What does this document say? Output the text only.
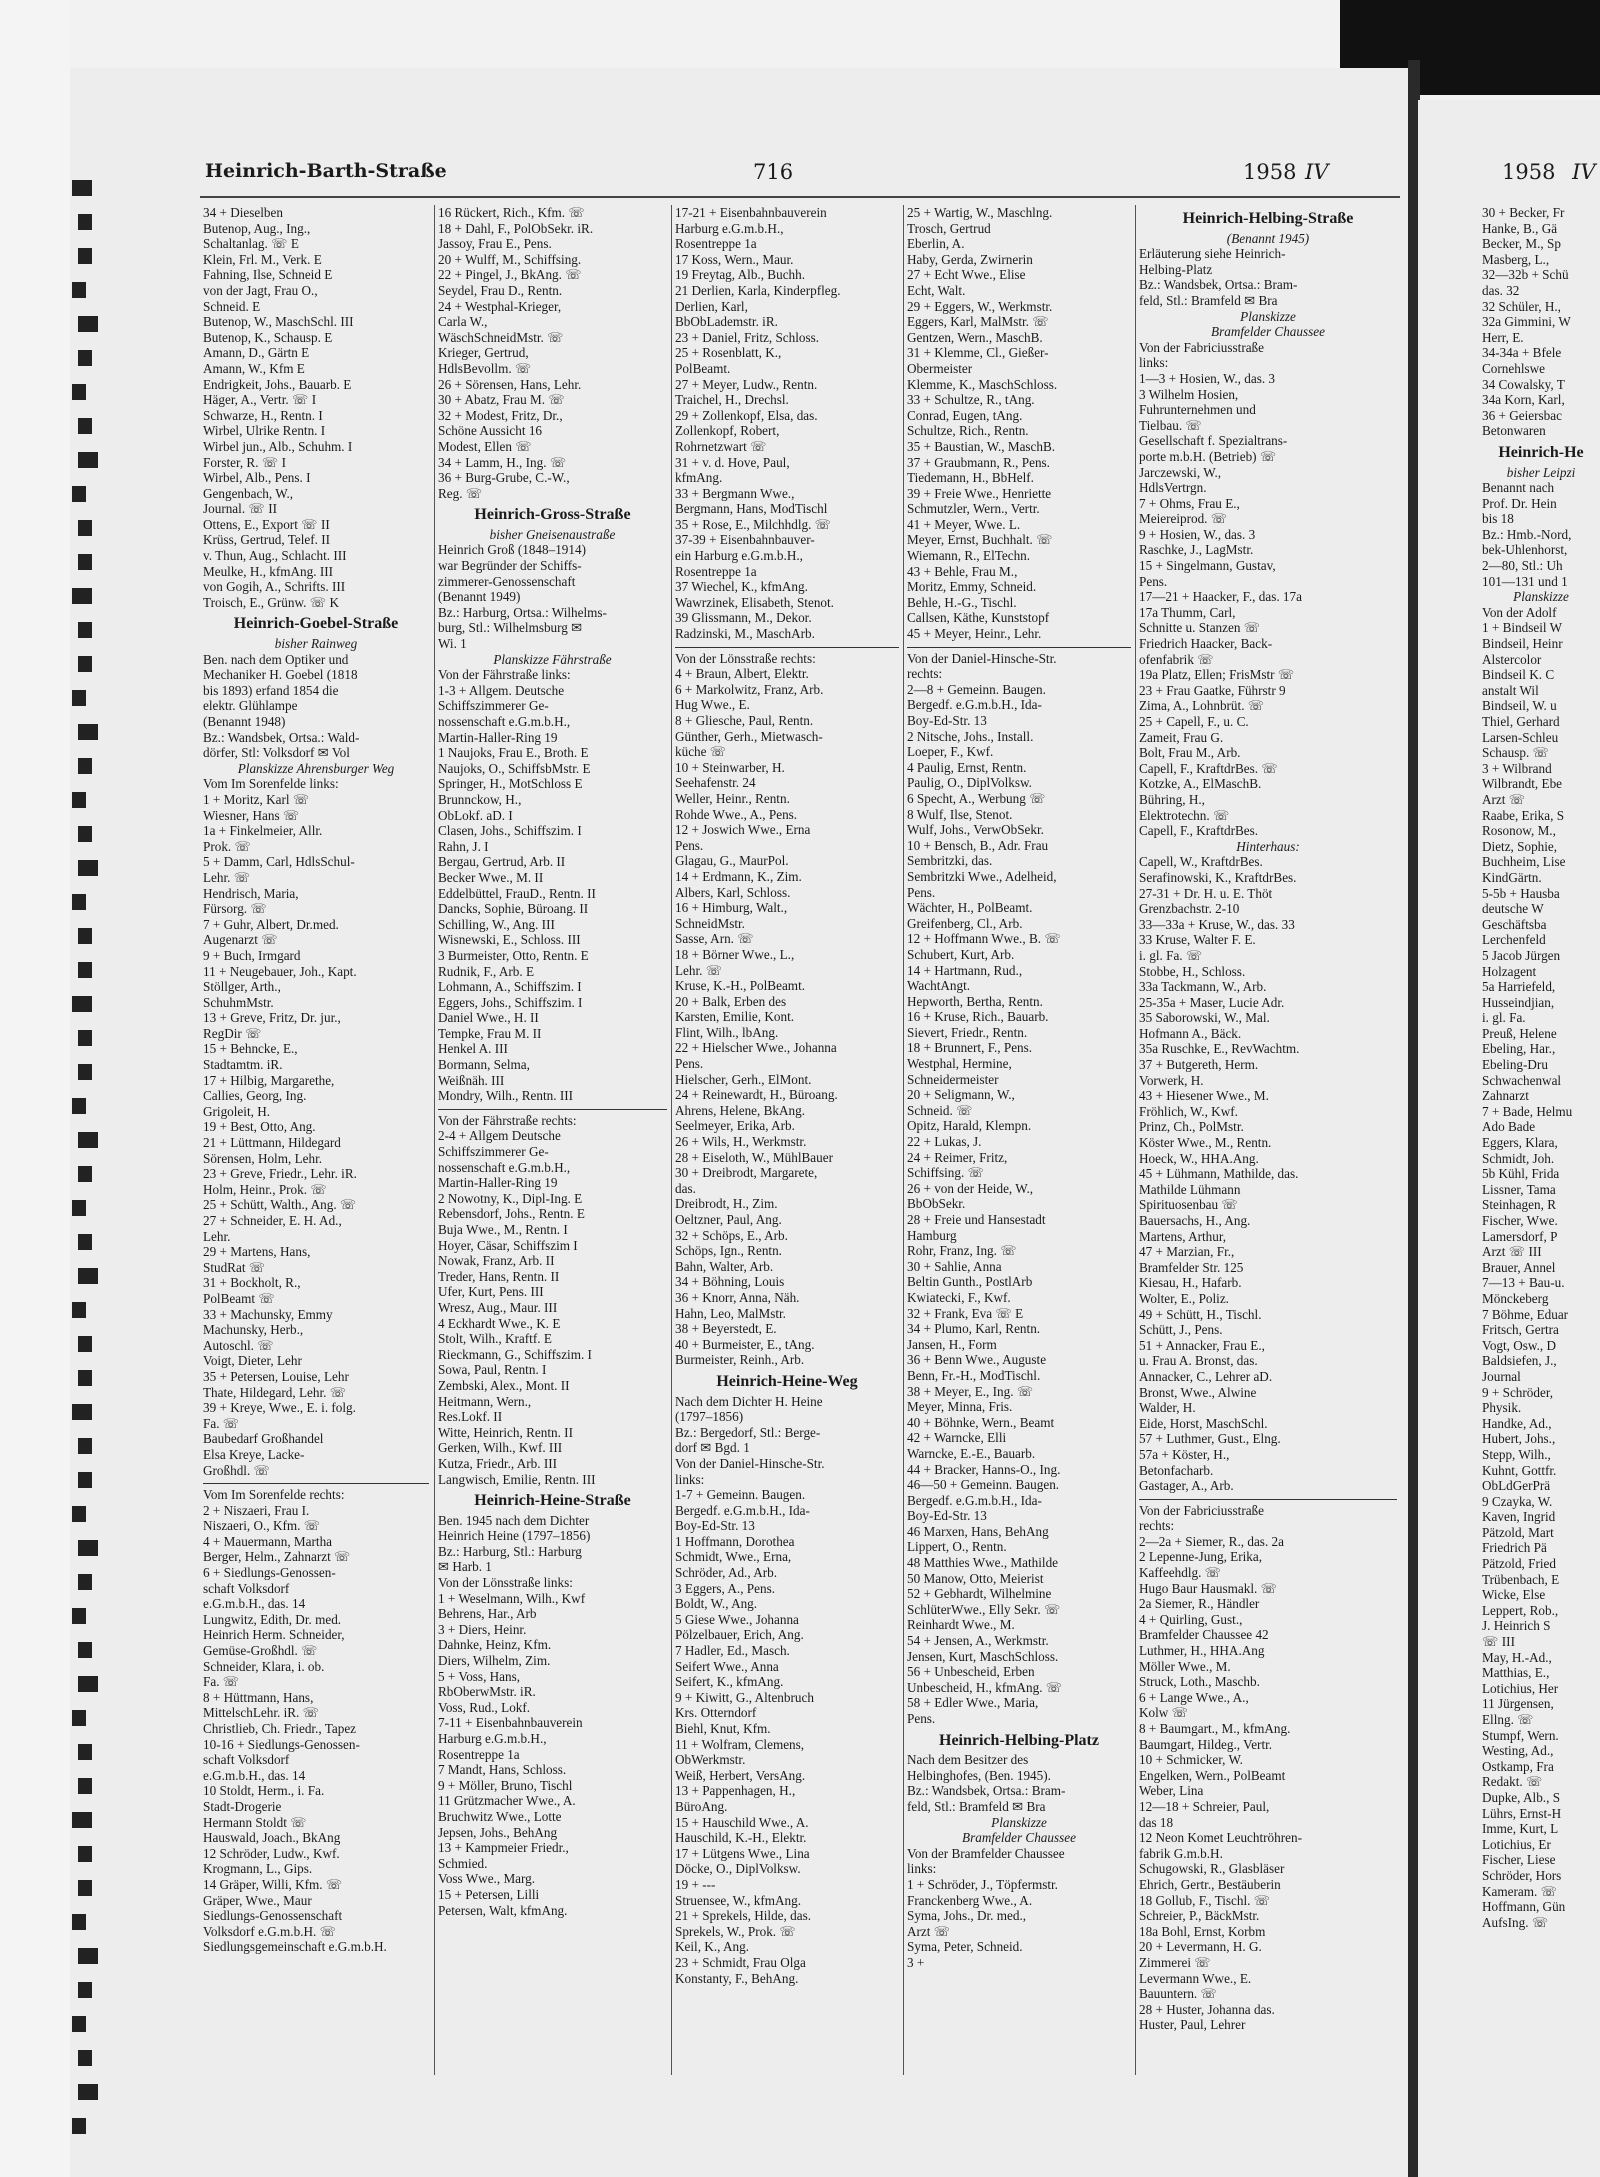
Heinrich-Barth-Straße	716	1958 IV	1958 IV
34 + Dieselben
Butenop, Aug., Ing.,
Schaltanlag. ☏ E
Klein, Frl. M., Verk. E
Fahning, Ilse, Schneid E
von der Jagt, Frau O.,
Schneid. E
Butenop, W., MaschSchl. III
Butenop, K., Schausp. E
Amann, D., Gärtn E
Amann, W., Kfm E
Endrigkeit, Johs., Bauarb. E
Häger, A., Vertr. ☏ I
Schwarze, H., Rentn. I
Wirbel, Ulrike Rentn. I
Wirbel jun., Alb., Schuhm. I
Forster, R. ☏ I
Wirbel, Alb., Pens. I
Gengenbach, W.,
Journal. ☏ II
Ottens, E., Export ☏ II
Krüss, Gertrud, Telef. II
v. Thun, Aug., Schlacht. III
Meulke, H., kfmAng. III
von Gogih, A., Schrifts. III
Troisch, E., Grünw. ☏ K
Heinrich-Goebel-Straße
bisher Rainweg
Ben. nach dem Optiker und
Mechaniker H. Goebel (1818
bis 1893) erfand 1854 die
elektr. Glühlampe
(Benannt 1948)
Bz.: Wandsbek, Ortsa.: Wald-
dörfer, Stl: Volksdorf ✉ Vol
Planskizze Ahrensburger Weg
Vom Im Sorenfelde links:
1 + Moritz, Karl ☏
Wiesner, Hans ☏
1a + Finkelmeier, Allr.
Prok. ☏
5 + Damm, Carl, HdlsSchul-
Lehr. ☏
Hendrisch, Maria,
Fürsorg. ☏
7 + Guhr, Albert, Dr.med.
Augenarzt ☏
9 + Buch, Irmgard
11 + Neugebauer, Joh., Kapt.
Stöllger, Arth.,
SchuhmMstr.
13 + Greve, Fritz, Dr. jur.,
RegDir ☏
15 + Behncke, E.,
Stadtamtm. iR.
17 + Hilbig, Margarethe,
Callies, Georg, Ing.
Grigoleit, H.
19 + Best, Otto, Ang.
21 + Lüttmann, Hildegard
Sörensen, Holm, Lehr.
23 + Greve, Friedr., Lehr. iR.
Holm, Heinr., Prok. ☏
25 + Schütt, Walth., Ang. ☏
27 + Schneider, E. H. Ad.,
Lehr.
29 + Martens, Hans,
StudRat ☏
31 + Bockholt, R.,
PolBeamt ☏
33 + Machunsky, Emmy
Machunsky, Herb.,
Autoschl. ☏
Voigt, Dieter, Lehr
35 + Petersen, Louise, Lehr
Thate, Hildegard, Lehr. ☏
39 + Kreye, Wwe., E. i. folg.
Fa. ☏
Baubedarf Großhandel
Elsa Kreye, Lacke-
Großhdl. ☏
Vom Im Sorenfelde rechts:
2 + Niszaeri, Frau I.
Niszaeri, O., Kfm. ☏
4 + Mauermann, Martha
Berger, Helm., Zahnarzt ☏
6 + Siedlungs-Genossen-
schaft Volksdorf
e.G.m.b.H., das. 14
Lungwitz, Edith, Dr. med.
Heinrich Herm. Schneider,
Gemüse-Großhdl. ☏
Schneider, Klara, i. ob.
Fa. ☏
8 + Hüttmann, Hans,
MittelschLehr. iR. ☏
Christlieb, Ch. Friedr., Tapez
10-16 + Siedlungs-Genossen-
schaft Volksdorf
e.G.m.b.H., das. 14
10 Stoldt, Herm., i. Fa.
Stadt-Drogerie
Hermann Stoldt ☏
Hauswald, Joach., BkAng
12 Schröder, Ludw., Kwf.
Krogmann, L., Gips.
14 Gräper, Willi, Kfm. ☏
Gräper, Wwe., Maur
Siedlungs-Genossenschaft
Volksdorf e.G.m.b.H. ☏
Siedlungsgemeinschaft e.G.m.b.H.
16 Rückert, Rich., Kfm. ☏
18 + Dahl, F., PolObSekr. iR.
Jassoy, Frau E., Pens.
20 + Wulff, M., Schiffsing.
22 + Pingel, J., BkAng. ☏
Seydel, Frau D., Rentn.
24 + Westphal-Krieger,
Carla W.,
WäschSchneidMstr. ☏
Krieger, Gertrud,
HdlsBevollm. ☏
26 + Sörensen, Hans, Lehr.
30 + Abatz, Frau M. ☏
32 + Modest, Fritz, Dr.,
Schöne Aussicht 16
Modest, Ellen ☏
34 + Lamm, H., Ing. ☏
36 + Burg-Grube, C.-W.,
Reg. ☏
Heinrich-Gross-Straße
bisher Gneisenaustraße
Heinrich Groß (1848–1914)
war Begründer der Schiffs-
zimmerer-Genossenschaft
(Benannt 1949)
Bz.: Harburg, Ortsa.: Wilhelms-
burg, Stl.: Wilhelmsburg ✉
Wi. 1
Planskizze Fährstraße
Von der Fährstraße links:
1-3 + Allgem. Deutsche
Schiffszimmerer Ge-
nossenschaft e.G.m.b.H.,
Martin-Haller-Ring 19
1 Naujoks, Frau E., Broth. E
Naujoks, O., SchiffsbMstr. E
Springer, H., MotSchloss E
Brunnckow, H.,
ObLokf. aD. I
Clasen, Johs., Schiffszim. I
Rahn, J. I
Bergau, Gertrud, Arb. II
Becker Wwe., M. II
Eddelbüttel, FrauD., Rentn. II
Dancks, Sophie, Büroang. II
Schilling, W., Ang. III
Wisnewski, E., Schloss. III
3 Burmeister, Otto, Rentn. E
Rudnik, F., Arb. E
Lohmann, A., Schiffszim. I
Eggers, Johs., Schiffszim. I
Daniel Wwe., H. II
Tempke, Frau M. II
Henkel A. III
Bormann, Selma,
Weißnäh. III
Mondry, Wilh., Rentn. III
Von der Fährstraße rechts:
2-4 + Allgem Deutsche
Schiffszimmerer Ge-
nossenschaft e.G.m.b.H.,
Martin-Haller-Ring 19
2 Nowotny, K., Dipl-Ing. E
Rebensdorf, Johs., Rentn. E
Buja Wwe., M., Rentn. I
Hoyer, Cäsar, Schiffszim I
Nowak, Franz, Arb. II
Treder, Hans, Rentn. II
Ufer, Kurt, Pens. III
Wresz, Aug., Maur. III
4 Eckhardt Wwe., K. E
Stolt, Wilh., Kraftf. E
Rieckmann, G., Schiffszim. I
Sowa, Paul, Rentn. I
Zembski, Alex., Mont. II
Heitmann, Wern.,
Res.Lokf. II
Witte, Heinrich, Rentn. II
Gerken, Wilh., Kwf. III
Kutza, Friedr., Arb. III
Langwisch, Emilie, Rentn. III
Heinrich-Heine-Straße
Ben. 1945 nach dem Dichter
Heinrich Heine (1797–1856)
Bz.: Harburg, Stl.: Harburg
✉ Harb. 1
Von der Lönsstraße links:
1 + Weselmann, Wilh., Kwf
Behrens, Har., Arb
3 + Diers, Heinr.
Dahnke, Heinz, Kfm.
Diers, Wilhelm, Zim.
5 + Voss, Hans,
RbOberwMstr. iR.
Voss, Rud., Lokf.
7-11 + Eisenbahnbauverein
Harburg e.G.m.b.H.,
Rosentreppe 1a
7 Mandt, Hans, Schloss.
9 + Möller, Bruno, Tischl
11 Grützmacher Wwe., A.
Bruchwitz Wwe., Lotte
Jepsen, Johs., BehAng
13 + Kampmeier Friedr.,
Schmied.
Voss Wwe., Marg.
15 + Petersen, Lilli
Petersen, Walt, kfmAng.
17-21 + Eisenbahnbauverein
Harburg e.G.m.b.H.,
Rosentreppe 1a
17 Koss, Wern., Maur.
19 Freytag, Alb., Buchh.
21 Derlien, Karla, Kinderpfleg.
Derlien, Karl,
BbObLademstr. iR.
23 + Daniel, Fritz, Schloss.
25 + Rosenblatt, K.,
PolBeamt.
27 + Meyer, Ludw., Rentn.
Traichel, H., Drechsl.
29 + Zollenkopf, Elsa, das.
Zollenkopf, Robert,
Rohrnetzwart ☏
31 + v. d. Hove, Paul,
kfmAng.
33 + Bergmann Wwe.,
Bergmann, Hans, ModTischl
35 + Rose, E., Milchhdlg. ☏
37-39 + Eisenbahnbauver-
ein Harburg e.G.m.b.H.,
Rosentreppe 1a
37 Wiechel, K., kfmAng.
Wawrzinek, Elisabeth, Stenot.
39 Glissmann, M., Dekor.
Radzinski, M., MaschArb.
Von der Lönsstraße rechts:
4 + Braun, Albert, Elektr.
6 + Markolwitz, Franz, Arb.
Hug Wwe., E.
8 + Gliesche, Paul, Rentn.
Günther, Gerh., Mietwasch-
küche ☏
10 + Steinwarber, H.
Seehafenstr. 24
Weller, Heinr., Rentn.
Rohde Wwe., A., Pens.
12 + Joswich Wwe., Erna
Pens.
Glagau, G., MaurPol.
14 + Erdmann, K., Zim.
Albers, Karl, Schloss.
16 + Himburg, Walt.,
SchneidMstr.
Sasse, Arn. ☏
18 + Börner Wwe., L.,
Lehr. ☏
Kruse, K.-H., PolBeamt.
20 + Balk, Erben des
Karsten, Emilie, Kont.
Flint, Wilh., lbAng.
22 + Hielscher Wwe., Johanna
Pens.
Hielscher, Gerh., ElMont.
24 + Reinewardt, H., Büroang.
Ahrens, Helene, BkAng.
Seelmeyer, Erika, Arb.
26 + Wils, H., Werkmstr.
28 + Eiseloth, W., MühlBauer
30 + Dreibrodt, Margarete,
das.
Dreibrodt, H., Zim.
Oeltzner, Paul, Ang.
32 + Schöps, E., Arb.
Schöps, Ign., Rentn.
Bahn, Walter, Arb.
34 + Böhning, Louis
36 + Knorr, Anna, Näh.
Hahn, Leo, MalMstr.
38 + Beyerstedt, E.
40 + Burmeister, E., tAng.
Burmeister, Reinh., Arb.
Heinrich-Heine-Weg
Nach dem Dichter H. Heine
(1797–1856)
Bz.: Bergedorf, Stl.: Berge-
dorf ✉ Bgd. 1
Von der Daniel-Hinsche-Str.
links:
1-7 + Gemeinn. Baugen.
Bergedf. e.G.m.b.H., Ida-
Boy-Ed-Str. 13
1 Hoffmann, Dorothea
Schmidt, Wwe., Erna,
Schröder, Ad., Arb.
3 Eggers, A., Pens.
Boldt, W., Ang.
5 Giese Wwe., Johanna
Pölzelbauer, Erich, Ang.
7 Hadler, Ed., Masch.
Seifert Wwe., Anna
Seifert, K., kfmAng.
9 + Kiwitt, G., Altenbruch
Krs. Otterndorf
Biehl, Knut, Kfm.
11 + Wolfram, Clemens,
ObWerkmstr.
Weiß, Herbert, VersAng.
13 + Pappenhagen, H.,
BüroAng.
15 + Hauschild Wwe., A.
Hauschild, K.-H., Elektr.
17 + Lütgens Wwe., Lina
Döcke, O., DiplVolksw.
19 + ---
Struensee, W., kfmAng.
21 + Sprekels, Hilde, das.
Sprekels, W., Prok. ☏
Keil, K., Ang.
23 + Schmidt, Frau Olga
Konstanty, F., BehAng.
25 + Wartig, W., Maschlng.
Trosch, Gertrud
Eberlin, A.
Haby, Gerda, Zwirnerin
27 + Echt Wwe., Elise
Echt, Walt.
29 + Eggers, W., Werkmstr.
Eggers, Karl, MalMstr. ☏
Gentzen, Wern., MaschB.
31 + Klemme, Cl., Gießer-
Obermeister
Klemme, K., MaschSchloss.
33 + Schultze, R., tAng.
Conrad, Eugen, tAng.
Schultze, Rich., Rentn.
35 + Baustian, W., MaschB.
37 + Graubmann, R., Pens.
Tiedemann, H., BbHelf.
39 + Freie Wwe., Henriette
Schmutzler, Wern., Vertr.
41 + Meyer, Wwe. L.
Meyer, Ernst, Buchhalt. ☏
Wiemann, R., ElTechn.
43 + Behle, Frau M.,
Moritz, Emmy, Schneid.
Behle, H.-G., Tischl.
Callsen, Käthe, Kunststopf
45 + Meyer, Heinr., Lehr.
Von der Daniel-Hinsche-Str.
rechts:
2—8 + Gemeinn. Baugen.
Bergedf. e.G.m.b.H., Ida-
Boy-Ed-Str. 13
2 Nitsche, Johs., Install.
Loeper, F., Kwf.
4 Paulig, Ernst, Rentn.
Paulig, O., DiplVolksw.
6 Specht, A., Werbung ☏
8 Wulf, Ilse, Stenot.
Wulf, Johs., VerwObSekr.
10 + Bensch, B., Adr. Frau
Sembritzki, das.
Sembritzki Wwe., Adelheid,
Pens.
Wächter, H., PolBeamt.
Greifenberg, Cl., Arb.
12 + Hoffmann Wwe., B. ☏
Schubert, Kurt, Arb.
14 + Hartmann, Rud.,
WachtAngt.
Hepworth, Bertha, Rentn.
16 + Kruse, Rich., Bauarb.
Sievert, Friedr., Rentn.
18 + Brunnert, F., Pens.
Westphal, Hermine,
Schneidermeister
20 + Seligmann, W.,
Schneid. ☏
Opitz, Harald, Klempn.
22 + Lukas, J.
24 + Reimer, Fritz,
Schiffsing. ☏
26 + von der Heide, W.,
BbObSekr.
28 + Freie und Hansestadt
Hamburg
Rohr, Franz, Ing. ☏
30 + Sahlie, Anna
Beltin Gunth., PostlArb
Kwiatecki, F., Kwf.
32 + Frank, Eva ☏ E
34 + Plumo, Karl, Rentn.
Jansen, H., Form
36 + Benn Wwe., Auguste
Benn, Fr.-H., ModTischl.
38 + Meyer, E., Ing. ☏
Meyer, Minna, Fris.
40 + Böhnke, Wern., Beamt
42 + Warncke, Elli
Warncke, E.-E., Bauarb.
44 + Bracker, Hanns-O., Ing.
46—50 + Gemeinn. Baugen.
Bergedf. e.G.m.b.H., Ida-
Boy-Ed-Str. 13
46 Marxen, Hans, BehAng
Lippert, O., Rentn.
48 Matthies Wwe., Mathilde
50 Manow, Otto, Meierist
52 + Gebhardt, Wilhelmine
SchlüterWwe., Elly Sekr. ☏
Reinhardt Wwe., M.
54 + Jensen, A., Werkmstr.
Jensen, Kurt, MaschSchloss.
56 + Unbescheid, Erben
Unbescheid, H., kfmAng. ☏
58 + Edler Wwe., Maria,
Pens.
Heinrich-Helbing-Platz
Nach dem Besitzer des
Helbinghofes, (Ben. 1945).
Bz.: Wandsbek, Ortsa.: Bram-
feld, Stl.: Bramfeld ✉ Bra
Planskizze
Bramfelder Chaussee
Von der Bramfelder Chaussee
links:
1 + Schröder, J., Töpfermstr.
Franckenberg Wwe., A.
Syma, Johs., Dr. med.,
Arzt ☏
Syma, Peter, Schneid.
3 +
Heinrich-Helbing-Straße
(Benannt 1945)
Erläuterung siehe Heinrich-
Helbing-Platz
Bz.: Wandsbek, Ortsa.: Bram-
feld, Stl.: Bramfeld ✉ Bra
Planskizze
Bramfelder Chaussee
Von der Fabriciusstraße
links:
1—3 + Hosien, W., das. 3
3 Wilhelm Hosien,
Fuhrunternehmen und
Tielbau. ☏
Gesellschaft f. Spezialtrans-
porte m.b.H. (Betrieb) ☏
Jarczewski, W.,
HdlsVertrgn.
7 + Ohms, Frau E.,
Meiereiprod. ☏
9 + Hosien, W., das. 3
Raschke, J., LagMstr.
15 + Singelmann, Gustav,
Pens.
17—21 + Haacker, F., das. 17a
17a Thumm, Carl,
Schnitte u. Stanzen ☏
Friedrich Haacker, Back-
ofenfabrik ☏
19a Platz, Ellen; FrisMstr ☏
23 + Frau Gaatke, Führstr 9
Zima, A., Lohnbrüt. ☏
25 + Capell, F., u. C.
Zameit, Frau G.
Bolt, Frau M., Arb.
Capell, F., KraftdrBes. ☏
Kotzke, A., ElMaschB.
Bühring, H.,
Elektrotechn. ☏
Capell, F., KraftdrBes.
Hinterhaus:
Capell, W., KraftdrBes.
Serafinowski, K., KraftdrBes.
27-31 + Dr. H. u. E. Thöt
Grenzbachstr. 2-10
33—33a + Kruse, W., das. 33
33 Kruse, Walter F. E.
i. gl. Fa. ☏
Stobbe, H., Schloss.
33a Tackmann, W., Arb.
25-35a + Maser, Lucie Adr.
35 Saborowski, W., Mal.
Hofmann A., Bäck.
35a Ruschke, E., RevWachtm.
37 + Butgereth, Herm.
Vorwerk, H.
43 + Hiesener Wwe., M.
Fröhlich, W., Kwf.
Prinz, Ch., PolMstr.
Köster Wwe., M., Rentn.
Hoeck, W., HHA.Ang.
45 + Lühmann, Mathilde, das.
Mathilde Lühmann
Spirituosenbau ☏
Bauersachs, H., Ang.
Martens, Arthur,
47 + Marzian, Fr.,
Bramfelder Str. 125
Kiesau, H., Hafarb.
Wolter, E., Poliz.
49 + Schütt, H., Tischl.
Schütt, J., Pens.
51 + Annacker, Frau E.,
u. Frau A. Bronst, das.
Annacker, C., Lehrer aD.
Bronst, Wwe., Alwine
Walder, H.
Eide, Horst, MaschSchl.
57 + Luthmer, Gust., Elng.
57a + Köster, H.,
Betonfacharb.
Gastager, A., Arb.
Von der Fabriciusstraße
rechts:
2—2a + Siemer, R., das. 2a
2 Lepenne-Jung, Erika,
Kaffeehdlg. ☏
Hugo Baur Hausmakl. ☏
2a Siemer, R., Händler
4 + Quirling, Gust.,
Bramfelder Chaussee 42
Luthmer, H., HHA.Ang
Möller Wwe., M.
Struck, Loth., Maschb.
6 + Lange Wwe., A.,
Kolw ☏
8 + Baumgart., M., kfmAng.
Baumgart, Hildeg., Vertr.
10 + Schmicker, W.
Engelken, Wern., PolBeamt
Weber, Lina
12—18 + Schreier, Paul,
das 18
12 Neon Komet Leuchtröhren-
fabrik G.m.b.H.
Schugowski, R., Glasbläser
Ehrich, Gertr., Bestäuberin
18 Gollub, F., Tischl. ☏
Schreier, P., BäckMstr.
18a Bohl, Ernst, Korbm
20 + Levermann, H. G.
Zimmerei ☏
Levermann Wwe., E.
Bauuntern. ☏
28 + Huster, Johanna das.
Huster, Paul, Lehrer
30 + Becker, Fr
Hanke, B., Gä
Becker, M., Sp
Masberg, L.,
32—32b + Schü
das. 32
32 Schüler, H.,
32a Gimmini, W
Herr, E.
34-34a + Bfele
Cornehlswe
34 Cowalsky, T
34a Korn, Karl,
36 + Geiersbac
Betonwaren
Heinrich-He
bisher Leipzi
Benannt nach
Prof. Dr. Hein
bis 18
Bz.: Hmb.-Nord,
bek-Uhlenhorst,
2—80, Stl.: Uh
101—131 und 1
Planskizze
Von der Adolf
1 + Bindseil W
Bindseil, Heinr
Alstercolor
Bindseil K. C
anstalt Wil
Bindseil, W. u
Thiel, Gerhard
Larsen-Schleu
Schausp. ☏
3 + Wilbrand
Wilbrandt, Ebe
Arzt ☏
Raabe, Erika, S
Rosonow, M.,
Dietz, Sophie,
Buchheim, Lise
KindGärtn.
5-5b + Hausba
deutsche W
Geschäftsba
Lerchenfeld
5 Jacob Jürgen
Holzagent
5a Harriefeld,
Husseindjian,
i. gl. Fa.
Preuß, Helene
Ebeling, Har.,
Ebeling-Dru
Schwachenwal
Zahnarzt
7 + Bade, Helmu
Ado Bade
Eggers, Klara,
Schmidt, Joh.
5b Kühl, Frida
Lissner, Tama
Steinhagen, R
Fischer, Wwe.
Lamersdorf, P
Arzt ☏ III
Brauer, Annel
7—13 + Bau-u.
Mönckeberg
7 Böhme, Eduar
Fritsch, Gertra
Vogt, Osw., D
Baldsiefen, J.,
Journal
9 + Schröder,
Physik.
Handke, Ad.,
Hubert, Johs.,
Stepp, Wilh.,
Kuhnt, Gottfr.
ObLdGerPrä
9 Czayka, W.
Kaven, Ingrid
Pätzold, Mart
Friedrich Pä
Pätzold, Fried
Trübenbach, E
Wicke, Else
Leppert, Rob.,
J. Heinrich S
☏ III
May, H.-Ad.,
Matthias, E.,
Lotichius, Her
11 Jürgensen,
Ellng. ☏
Stumpf, Wern.
Westing, Ad.,
Ostkamp, Fra
Redakt. ☏
Dupke, Alb., S
Lührs, Ernst-H
Imme, Kurt, L
Lotichius, Er
Fischer, Liese
Schröder, Hors
Kameram. ☏
Hoffmann, Gün
AufsIng. ☏
